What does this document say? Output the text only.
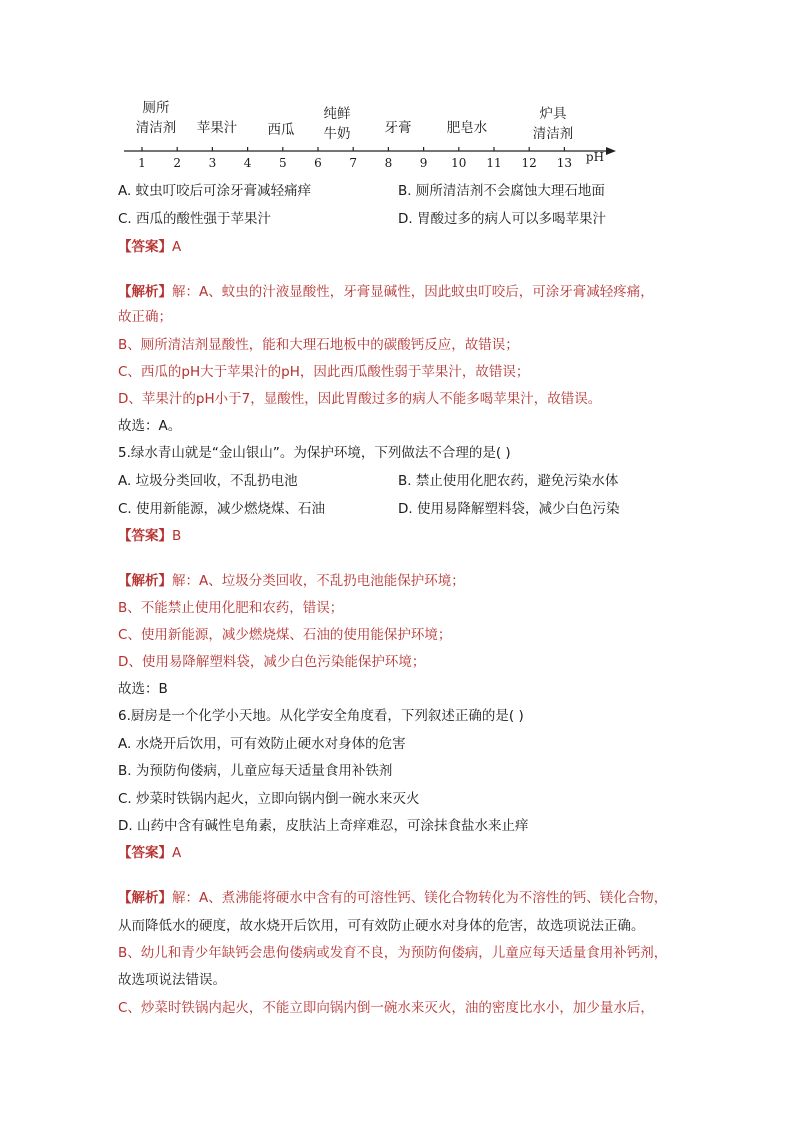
厕所
清洁剂	苹果汁	西瓜
纯鲜
牛奶	牙膏	肥皂水
炉具
清洁剂
1	2	3	4	5	6	7	8	9	10 11 12 13	pH
A. 蚊虫叮咬后可涂牙膏减轻痛痒	B. 厕所清洁剂不会腐蚀大理石地面
C. 西瓜的酸性强于苹果汁	D. 胃酸过多的病人可以多喝苹果汁
【答案】A
【解析】解：A、蚊虫的汁液显酸性，牙膏显碱性，因此蚊虫叮咬后，可涂牙膏减轻疼痛，
故正确；
B、厕所清洁剂显酸性，能和大理石地板中的碳酸钙反应，故错误；
C、西瓜的pH大于苹果汁的pH，因此西瓜酸性弱于苹果汁，故错误；
D、苹果汁的pH小于7，显酸性，因此胃酸过多的病人不能多喝苹果汁，故错误。
故选：A。
5.绿水青山就是“金山银山”。为保护环境，下列做法不合理的是( )
A. 垃圾分类回收，不乱扔电池	B. 禁止使用化肥农药，避免污染水体
C. 使用新能源，减少燃烧煤、石油	D. 使用易降解塑料袋，减少白色污染
【答案】B
【解析】解：A、垃圾分类回收，不乱扔电池能保护环境；
B、不能禁止使用化肥和农药，错误；
C、使用新能源，减少燃烧煤、石油的使用能保护环境；
D、使用易降解塑料袋，减少白色污染能保护环境；
故选：B
6.厨房是一个化学小天地。从化学安全角度看，下列叙述正确的是( )
A. 水烧开后饮用，可有效防止硬水对身体的危害
B. 为预防佝偻病，儿童应每天适量食用补铁剂
C. 炒菜时铁锅内起火，立即向锅内倒一碗水来灭火
D. 山药中含有碱性皂角素，皮肤沾上奇痒难忍，可涂抹食盐水来止痒
【答案】A
【解析】解：A、煮沸能将硬水中含有的可溶性钙、镁化合物转化为不溶性的钙、镁化合物，
从而降低水的硬度，故水烧开后饮用，可有效防止硬水对身体的危害，故选项说法正确。
B、幼儿和青少年缺钙会患佝偻病或发育不良，为预防佝偻病，儿童应每天适量食用补钙剂，
故选项说法错误。
C、炒菜时铁锅内起火，不能立即向锅内倒一碗水来灭火，油的密度比水小，加少量水后，
